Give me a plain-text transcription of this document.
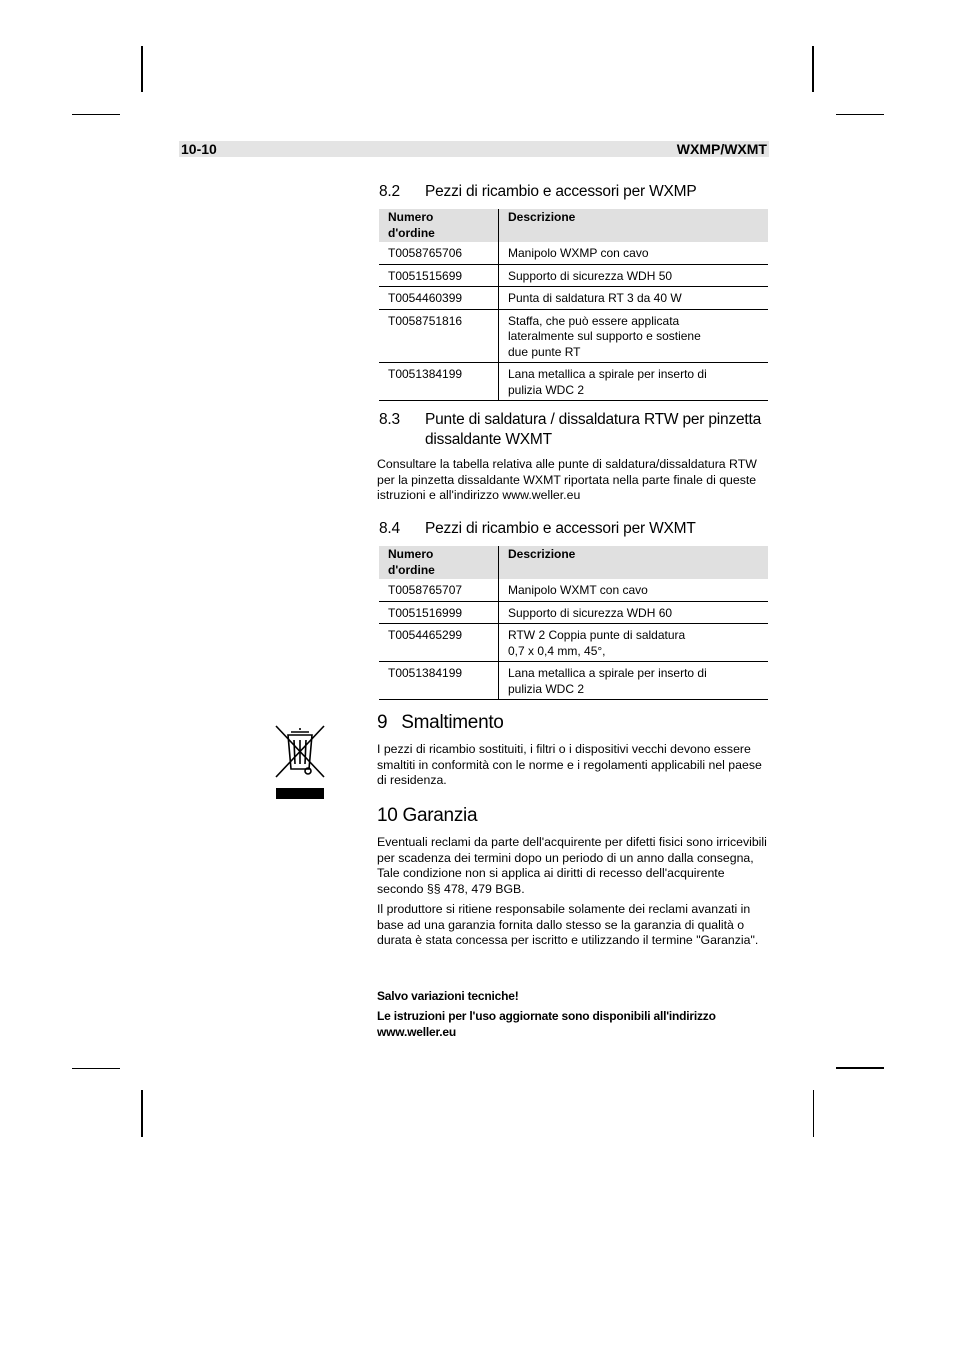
10-10	WXMP/WXMT
8.2 Pezzi di ricambio e accessori per WXMP
Numero
d'ordine	Descrizione
T0058765706	Manipolo WXMP con cavo
T0051515699	Supporto di sicurezza WDH 50
T0054460399	Punta di saldatura RT 3 da 40 W
T0058751816	Staffa, che può essere applicata
lateralmente sul supporto e sostiene
due punte RT
T0051384199	Lana metallica a spirale per inserto di
pulizia WDC 2
8.3 Punte di saldatura / dissaldatura RTW per pinzetta dissaldante WXMT

Consultare la tabella relativa alle punte di saldatura/dissaldatura RTW per la pinzetta dissaldante WXMT riportata nella parte finale di queste istruzioni e all'indirizzo www.weller.eu

8.4 Pezzi di ricambio e accessori per WXMT
Numero
d'ordine	Descrizione
T0058765707	Manipolo WXMT con cavo
T0051516999	Supporto di sicurezza WDH 60
T0054465299	RTW 2 Coppia punte di saldatura
0,7 x 0,4 mm, 45°,
T0051384199	Lana metallica a spirale per inserto di
pulizia WDC 2
9 Smaltimento

I pezzi di ricambio sostituiti, i filtri o i dispositivi vecchi devono essere smaltiti in conformità con le norme e i regolamenti applicabili nel paese di residenza.

10 Garanzia

Eventuali reclami da parte dell'acquirente per difetti fisici sono irricevibili per scadenza dei termini dopo un periodo di un anno dalla consegna, Tale condizione non si applica ai diritti di recesso dell'acquirente secondo §§ 478, 479 BGB.

Il produttore si ritiene responsabile solamente dei reclami avanzati in base ad una garanzia fornita dallo stesso se la garanzia di qualità o durata è stata concessa per iscritto e utilizzando il termine "Garanzia".

Salvo variazioni tecniche!

Le istruzioni per l'uso aggiornate sono disponibili all'indirizzo www.weller.eu
